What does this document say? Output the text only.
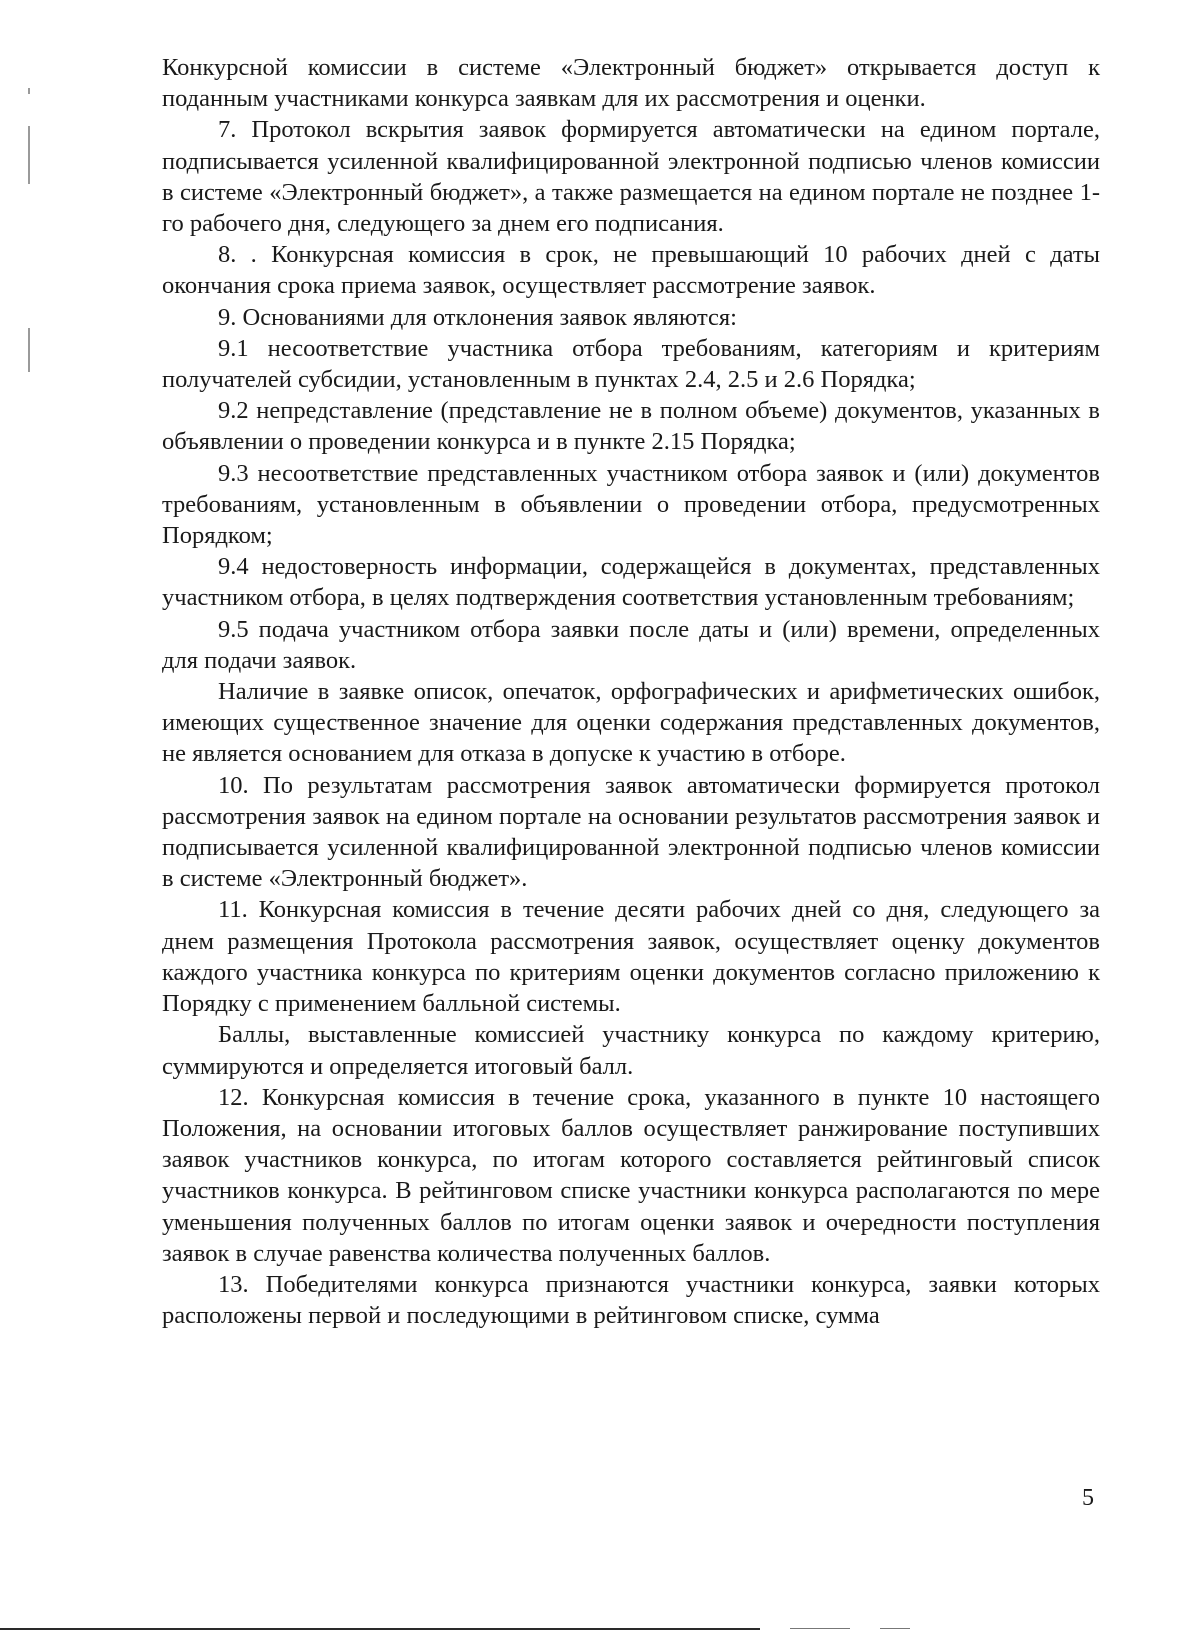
Конкурсной комиссии в системе «Электронный бюджет» открывается доступ к поданным участниками конкурса заявкам для их рассмотрения и оценки.

7. Протокол вскрытия заявок формируется автоматически на едином портале, подписывается усиленной квалифицированной электронной подписью членов комиссии в системе «Электронный бюджет», а также размещается на едином портале не позднее 1-го рабочего дня, следующего за днем его подписания.

8. . Конкурсная комиссия в срок, не превышающий 10 рабочих дней с даты окончания срока приема заявок, осуществляет рассмотрение заявок.

9. Основаниями для отклонения заявок являются:

9.1 несоответствие участника отбора требованиям, категориям и критериям получателей субсидии, установленным в пунктах 2.4, 2.5 и 2.6 Порядка;

9.2 непредставление (представление не в полном объеме) документов, указанных в объявлении о проведении конкурса и в пункте 2.15 Порядка;

9.3 несоответствие представленных участником отбора заявок и (или) документов требованиям, установленным в объявлении о проведении отбора, предусмотренных Порядком;

9.4 недостоверность информации, содержащейся в документах, представленных участником отбора, в целях подтверждения соответствия установленным требованиям;

9.5 подача участником отбора заявки после даты и (или) времени, определенных для подачи заявок.

Наличие в заявке описок, опечаток, орфографических и арифметических ошибок, имеющих существенное значение для оценки содержания представленных документов, не является основанием для отказа в допуске к участию в отборе.

10. По результатам рассмотрения заявок автоматически формируется протокол рассмотрения заявок на едином портале на основании результатов рассмотрения заявок и подписывается усиленной квалифицированной электронной подписью членов комиссии в системе «Электронный бюджет».

11. Конкурсная комиссия в течение десяти рабочих дней со дня, следующего за днем размещения Протокола рассмотрения заявок, осуществляет оценку документов каждого участника конкурса по критериям оценки документов согласно приложению к Порядку с применением балльной системы.

Баллы, выставленные комиссией участнику конкурса по каждому критерию, суммируются и определяется итоговый балл.

12. Конкурсная комиссия в течение срока, указанного в пункте 10 настоящего Положения, на основании итоговых баллов осуществляет ранжирование поступивших заявок участников конкурса, по итогам которого составляется рейтинговый список участников конкурса. В рейтинговом списке участники конкурса располагаются по мере уменьшения полученных баллов по итогам оценки заявок и очередности поступления заявок в случае равенства количества полученных баллов.

13. Победителями конкурса признаются участники конкурса, заявки которых расположены первой и последующими в рейтинговом списке, сумма

5
